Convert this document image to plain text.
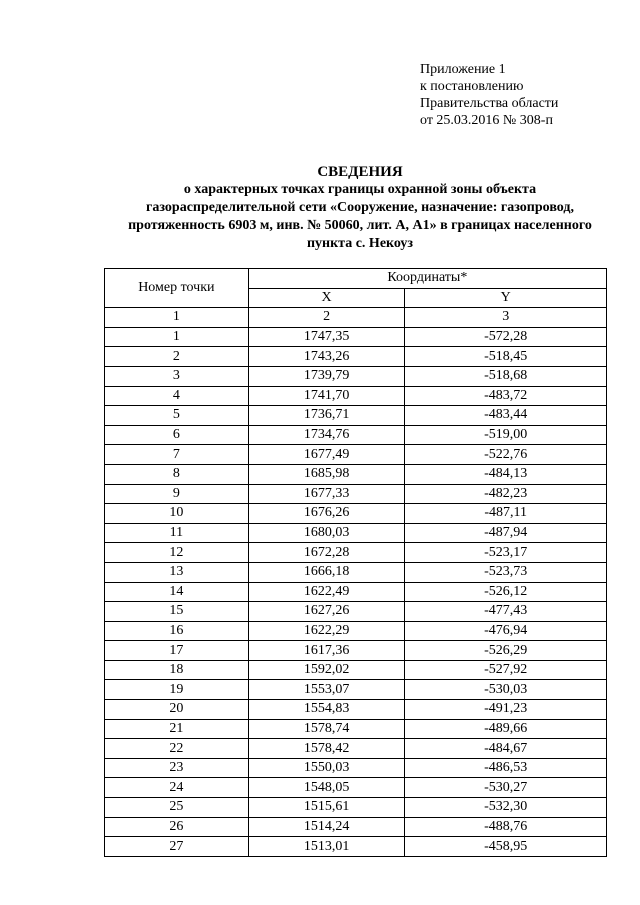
Приложение 1
к постановлению
Правительства области
от 25.03.2016 № 308-п
СВЕДЕНИЯ
о характерных точках границы охранной зоны объекта
газораспределительной сети «Сооружение, назначение: газопровод,
протяженность 6903 м, инв. № 50060, лит. А, А1» в границах населенного
пункта с. Некоуз
Номер точки	Координаты*	
	X	Y
1	2	3
1	1747,35	-572,28
2	1743,26	-518,45
3	1739,79	-518,68
4	1741,70	-483,72
5	1736,71	-483,44
6	1734,76	-519,00
7	1677,49	-522,76
8	1685,98	-484,13
9	1677,33	-482,23
10	1676,26	-487,11
11	1680,03	-487,94
12	1672,28	-523,17
13	1666,18	-523,73
14	1622,49	-526,12
15	1627,26	-477,43
16	1622,29	-476,94
17	1617,36	-526,29
18	1592,02	-527,92
19	1553,07	-530,03
20	1554,83	-491,23
21	1578,74	-489,66
22	1578,42	-484,67
23	1550,03	-486,53
24	1548,05	-530,27
25	1515,61	-532,30
26	1514,24	-488,76
27	1513,01	-458,95
